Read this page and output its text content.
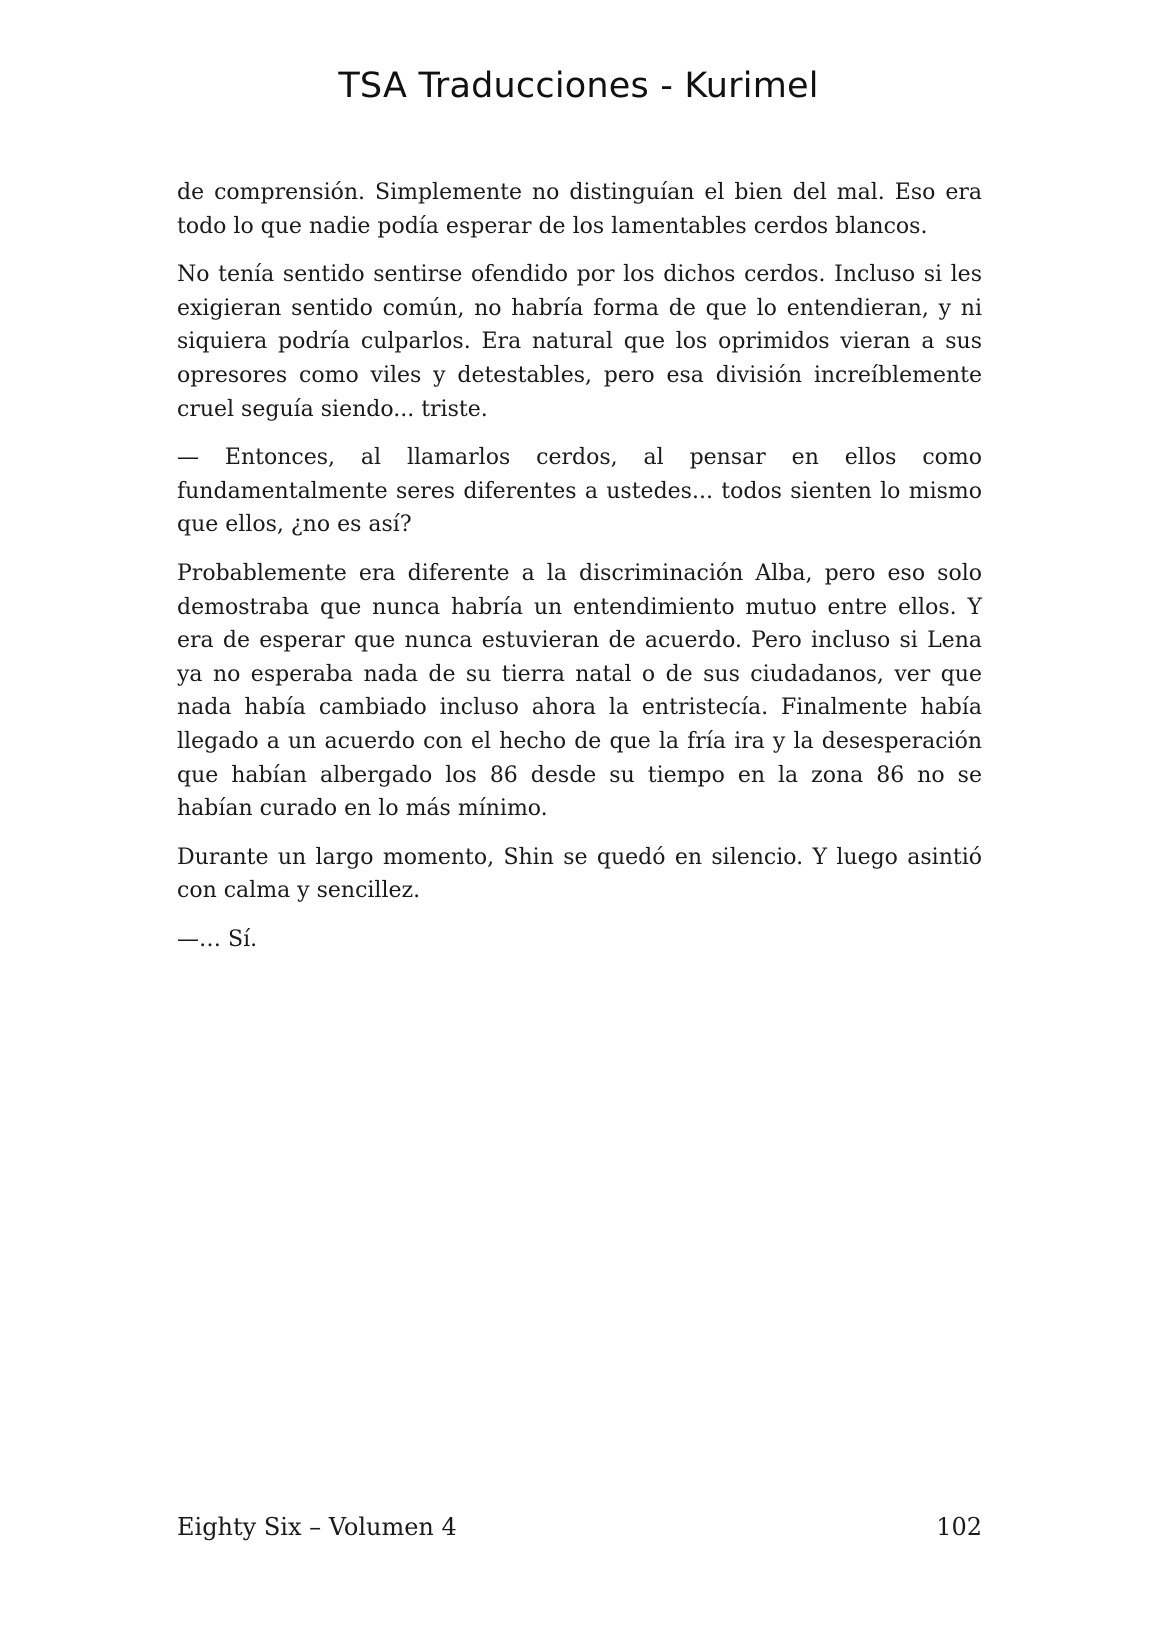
TSA Traducciones - Kurimel

de comprensión. Simplemente no distinguían el bien del mal. Eso era todo lo que nadie podía esperar de los lamentables cerdos blancos.

No tenía sentido sentirse ofendido por los dichos cerdos. Incluso si les exigieran sentido común, no habría forma de que lo entendieran, y ni siquiera podría culparlos. Era natural que los oprimidos vieran a sus opresores como viles y detestables, pero esa división increíblemente cruel seguía siendo... triste.

— Entonces, al llamarlos cerdos, al pensar en ellos como fundamentalmente seres diferentes a ustedes... todos sienten lo mismo que ellos, ¿no es así?

Probablemente era diferente a la discriminación Alba, pero eso solo demostraba que nunca habría un entendimiento mutuo entre ellos. Y era de esperar que nunca estuvieran de acuerdo. Pero incluso si Lena ya no esperaba nada de su tierra natal o de sus ciudadanos, ver que nada había cambiado incluso ahora la entristecía. Finalmente había llegado a un acuerdo con el hecho de que la fría ira y la desesperación que habían albergado los 86 desde su tiempo en la zona 86 no se habían curado en lo más mínimo.

Durante un largo momento, Shin se quedó en silencio. Y luego asintió con calma y sencillez.

—… Sí.

Eighty Six – Volumen 4	102
